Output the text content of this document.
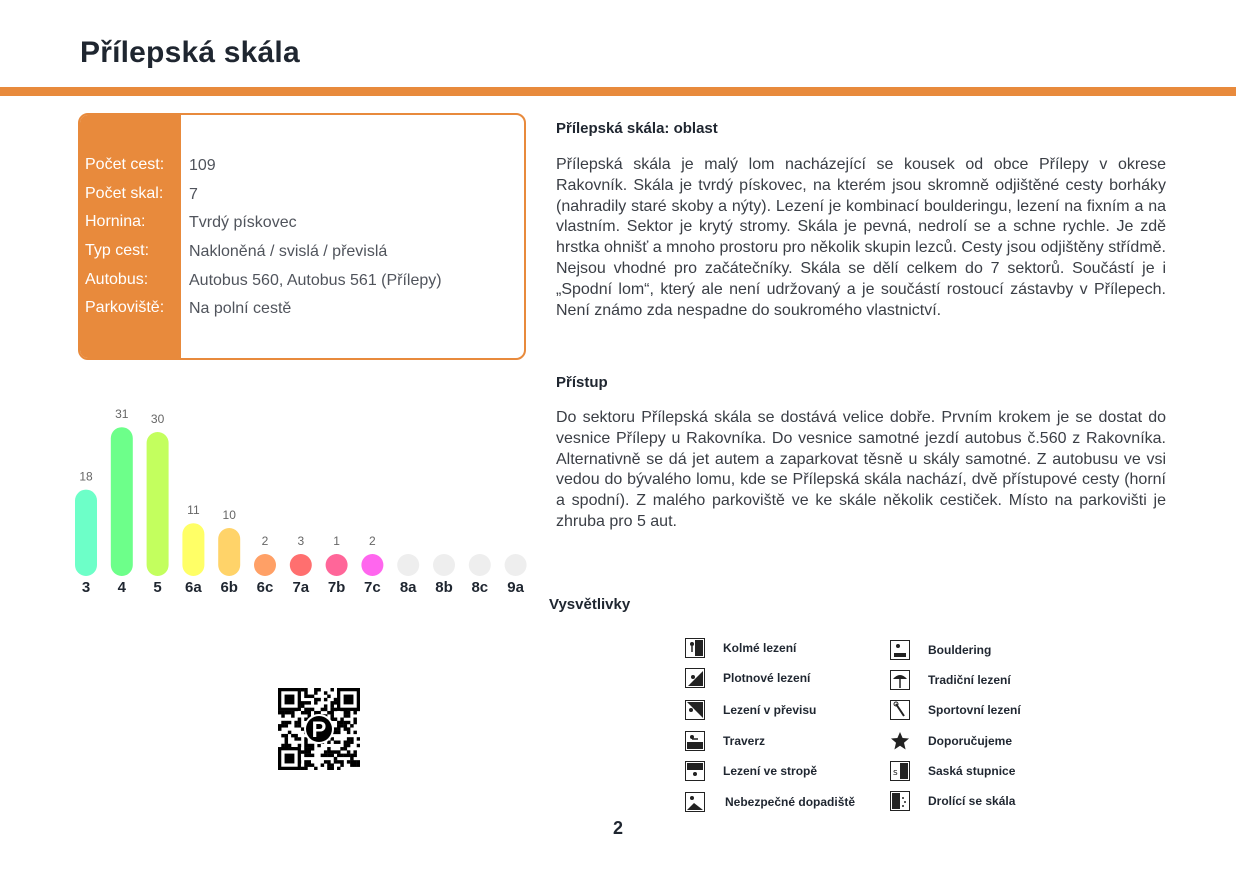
Přílepská skála
Počet cest: 109
Počet skal: 7
Hornina:	Tvrdý pískovec
Typ cest: Nakloněná / svislá / převislá
Autobus:	Autobus 560, Autobus 561 (Přílepy)
Parkoviště: Na polní cestě
18
3
31
4
30
5
11
6a
10
6b
2
6c
3
7a
1
7b
2
7c 8a 8b 8c 9a
Přílepská skála: oblast
Přílepská skála je malý lom nacházející se kousek od obce Přílepy v okrese Rakovník. Skála je tvrdý pískovec, na kterém jsou skromně odjištěné cesty borháky (nahradily staré skoby a nýty). Lezení je kombinací boulderingu, lezení na fixním a na vlastním. Sektor je krytý stromy. Skála je pevná, nedrolí se a schne rychle. Je zdě hrstka ohnišť a mnoho prostoru pro několik skupin lezců. Cesty jsou odjištěny střídmě. Nejsou vhodné pro začátečníky. Skála se dělí celkem do 7 sektorů. Součástí je i „Spodní lom“, který ale není udržovaný a je součástí rostoucí zástavby v Přílepech. Není známo zda nespadne do soukromého vlastnictví.
Přístup
Do sektoru Přílepská skála se dostává velice dobře. Prvním krokem je se dostat do vesnice Přílepy u Rakovníka. Do vesnice samotné jezdí autobus č.560 z Rakovníka. Alternativně se dá jet autem a zaparkovat těsně u skály samotné. Z autobusu ve vsi vedou do bývalého lomu, kde se Přílepská skála nachází, dvě přístupové cesty (horní a spodní). Z malého parkoviště ve ke skále několik cestiček. Místo na parkovišti je zhruba pro 5 aut.
Vysvětlivky
Kolmé lezení
Plotnové lezení
Lezení v převisu
Traverz
Lezení ve stropě
Nebezpečné dopadiště
Bouldering
Tradiční lezení
Sportovní lezení
Doporučujeme
s	Saská stupnice
Drolící se skála
P
2
